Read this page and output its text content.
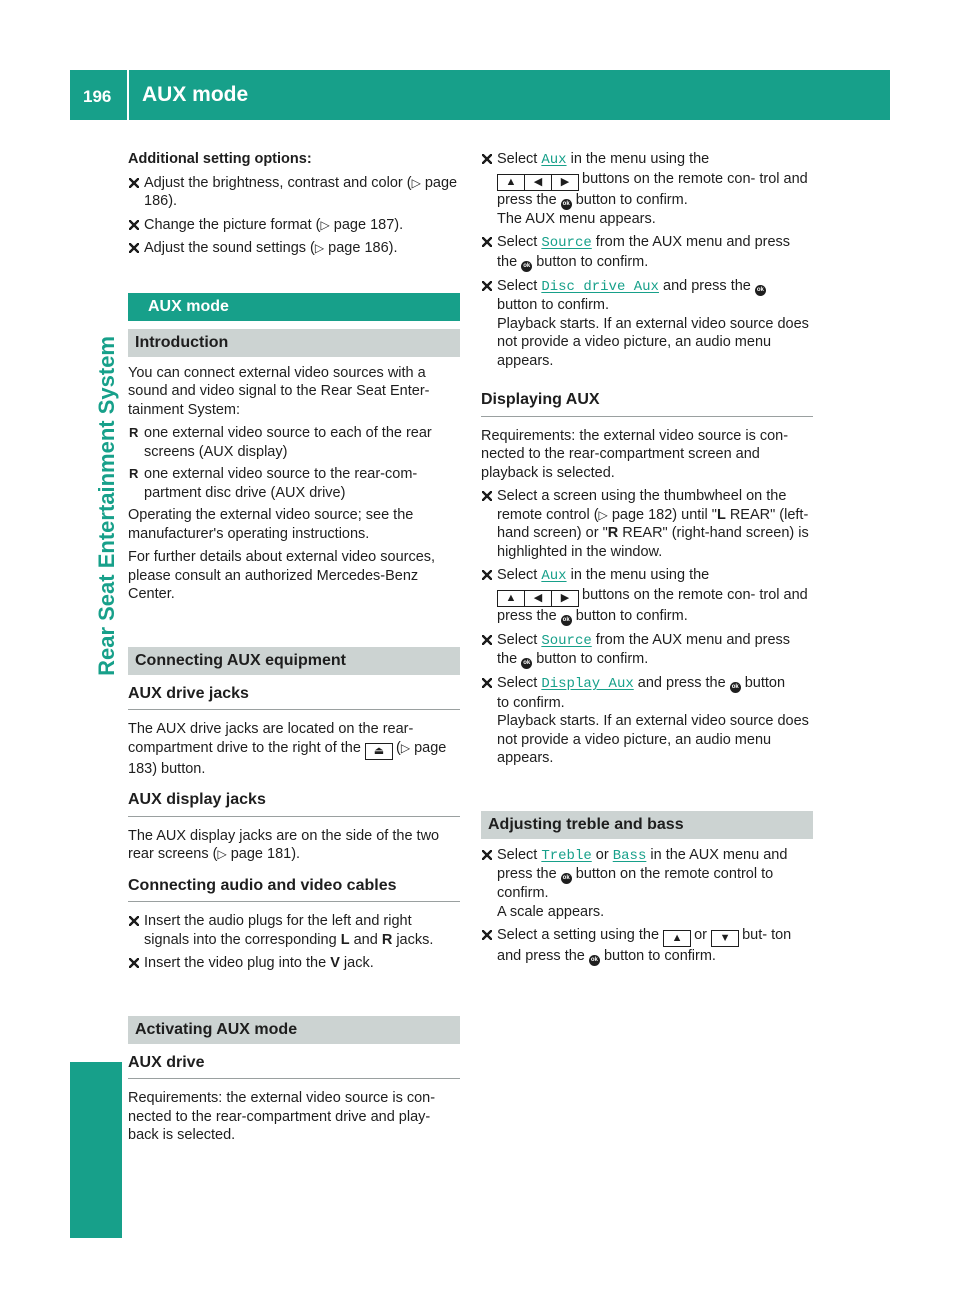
196 AUX mode
Rear Seat Entertainment System

Additional setting options:

Adjust the brightness, contrast and color (▷ page 186).
Change the picture format (▷ page 187).
Adjust the sound settings (▷ page 186).
AUX mode
Introduction

You can connect external video sources with a sound and video signal to the Rear Seat Enter- tainment System:

R one external video source to each of the rear screens (AUX display)
R one external video source to the rear-com- partment disc drive (AUX drive)

Operating the external video source; see the manufacturer's operating instructions.

For further details about external video sources, please consult an authorized Mercedes-Benz Center.

Connecting AUX equipment
AUX drive jacks

The AUX drive jacks are located on the rear- compartment drive to the right of the ⏏ (▷ page 183) button.

AUX display jacks

The AUX display jacks are on the side of the two rear screens (▷ page 181).

Connecting audio and video cables
Insert the audio plugs for the left and right signals into the corresponding L and R jacks.
Insert the video plug into the V jack.
Activating AUX mode
AUX drive

Requirements: the external video source is con- nected to the rear-compartment drive and play- back is selected.

Select Aux in the menu using the
▲ ◀ ▶ buttons on the remote con- trol and press the ok button to confirm.
The AUX menu appears.
Select Source from the AUX menu and press the ok button to confirm.
Select Disc drive Aux and press the ok
button to confirm.
Playback starts. If an external video source does not provide a video picture, an audio menu appears.
Displaying AUX

Requirements: the external video source is con- nected to the rear-compartment screen and playback is selected.

Select a screen using the thumbwheel on the remote control (▷ page 182) until "L REAR" (left-hand screen) or "R REAR" (right-hand screen) is highlighted in the window.
Select Aux in the menu using the
▲ ◀ ▶ buttons on the remote con- trol and press the ok button to confirm.
Select Source from the AUX menu and press the ok button to confirm.
Select Display Aux and press the ok button
to confirm.
Playback starts. If an external video source does not provide a video picture, an audio menu appears.
Adjusting treble and bass
Select Treble or Bass in the AUX menu and press the ok button on the remote control to confirm.
A scale appears.
Select a setting using the ▲ or ▼ but- ton and press the ok button to confirm.
